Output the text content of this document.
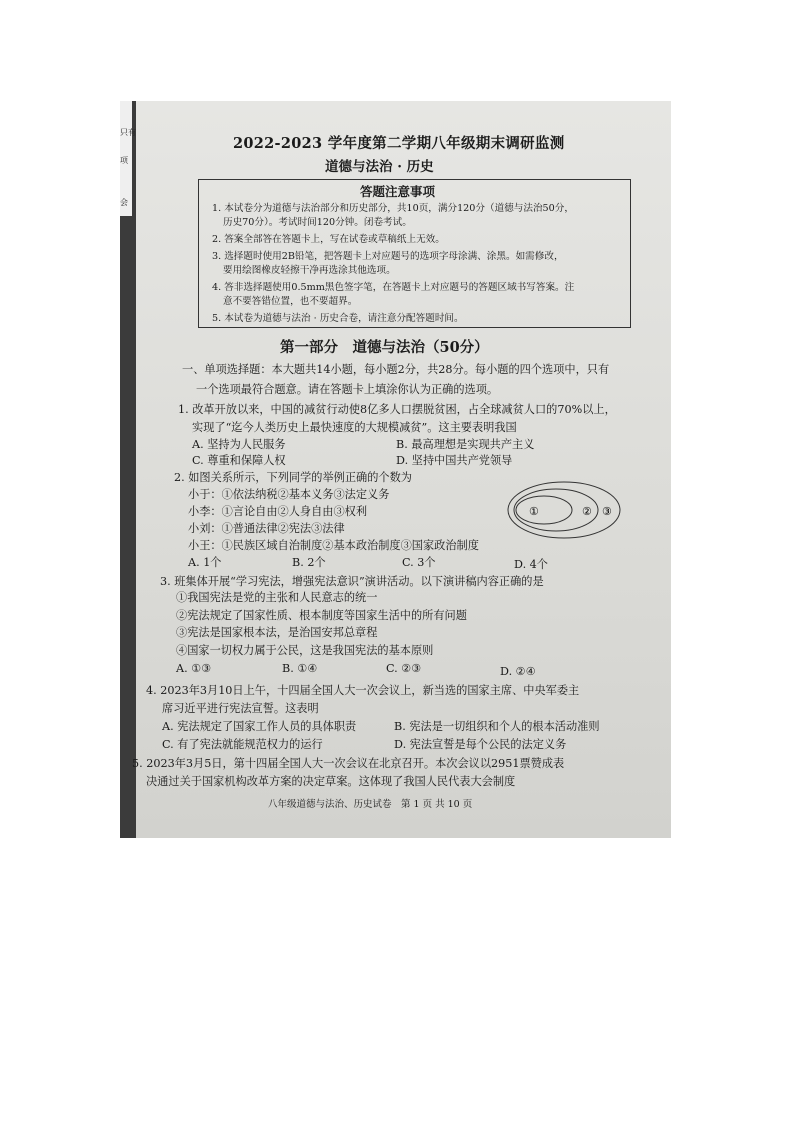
只有
项
会
2022-2023 学年度第二学期八年级期末调研监测
道德与法治 · 历史
答题注意事项
1. 本试卷分为道德与法治部分和历史部分，共10页，满分120分（道德与法治50分，
历史70分）。考试时间120分钟。闭卷考试。
2. 答案全部答在答题卡上，写在试卷或草稿纸上无效。
3. 选择题时使用2B铅笔，把答题卡上对应题号的选项字母涂满、涂黑。如需修改，
要用绘图橡皮轻擦干净再选涂其他选项。
4. 答非选择题使用0.5mm黑色签字笔，在答题卡上对应题号的答题区域书写答案。注
意不要答错位置，也不要超界。
5. 本试卷为道德与法治 · 历史合卷，请注意分配答题时间。
第一部分　道德与法治（50分）
一、单项选择题：本大题共14小题，每小题2分，共28分。每小题的四个选项中，只有
一个选项最符合题意。请在答题卡上填涂你认为正确的选项。
1. 改革开放以来，中国的减贫行动使8亿多人口摆脱贫困，占全球减贫人口的70%以上，
实现了“迄今人类历史上最快速度的大规模减贫”。这主要表明我国
A. 坚持为人民服务	B. 最高理想是实现共产主义
C. 尊重和保障人权	D. 坚持中国共产党领导
2. 如图关系所示，下列同学的举例正确的个数为
小于：①依法纳税②基本义务③法定义务
小李：①言论自由②人身自由③权利
小刘：①普通法律②宪法③法律
小王：①民族区域自治制度②基本政治制度③国家政治制度
A. 1个	B. 2个	C. 3个	D. 4个
①	② ③
3. 班集体开展“学习宪法，增强宪法意识”演讲活动。以下演讲稿内容正确的是
①我国宪法是党的主张和人民意志的统一
②宪法规定了国家性质、根本制度等国家生活中的所有问题
③宪法是国家根本法，是治国安邦总章程
④国家一切权力属于公民，这是我国宪法的基本原则
A. ①③	B. ①④	C. ②③	D. ②④
4. 2023年3月10日上午，十四届全国人大一次会议上，新当选的国家主席、中央军委主
席习近平进行宪法宣誓。这表明
A. 宪法规定了国家工作人员的具体职责	B. 宪法是一切组织和个人的根本活动准则
C. 有了宪法就能规范权力的运行	D. 宪法宣誓是每个公民的法定义务
5. 2023年3月5日，第十四届全国人大一次会议在北京召开。本次会议以2951票赞成表
决通过关于国家机构改革方案的决定草案。这体现了我国人民代表大会制度
八年级道德与法治、历史试卷　第 1 页 共 10 页
